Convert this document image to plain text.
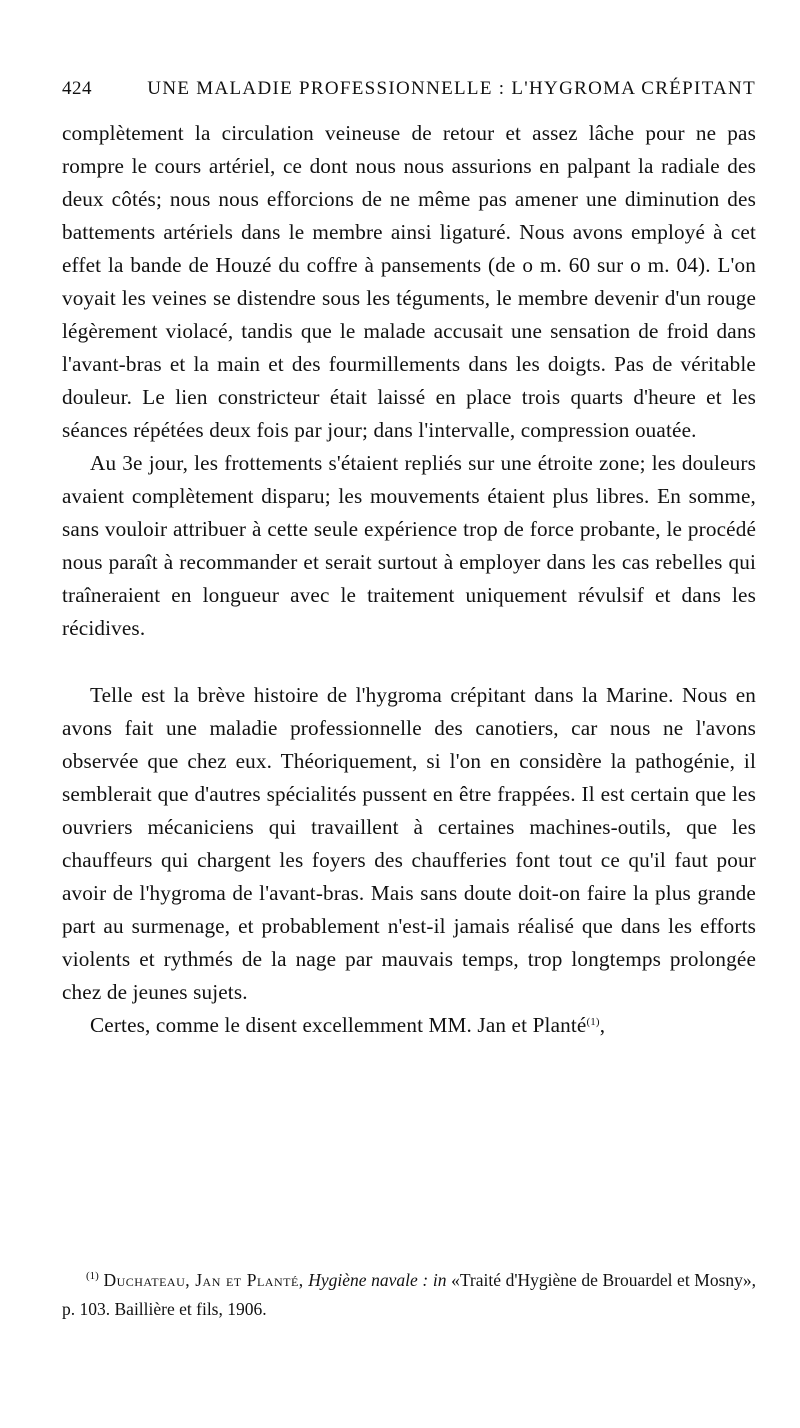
424	UNE MALADIE PROFESSIONNELLE : L'HYGROMA CRÉPITANT

complètement la circulation veineuse de retour et assez lâche pour ne pas rompre le cours artériel, ce dont nous nous assurions en palpant la radiale des deux côtés; nous nous efforcions de ne même pas amener une diminution des battements artériels dans le membre ainsi ligaturé. Nous avons employé à cet effet la bande de Houzé du coffre à pansements (de o m. 60 sur o m. 04). L'on voyait les veines se distendre sous les téguments, le membre devenir d'un rouge légèrement violacé, tandis que le malade accusait une sensation de froid dans l'avant-bras et la main et des fourmillements dans les doigts. Pas de véritable douleur. Le lien constricteur était laissé en place trois quarts d'heure et les séances répétées deux fois par jour; dans l'intervalle, compression ouatée.

Au 3e jour, les frottements s'étaient repliés sur une étroite zone; les douleurs avaient complètement disparu; les mouvements étaient plus libres. En somme, sans vouloir attribuer à cette seule expérience trop de force probante, le procédé nous paraît à recommander et serait surtout à employer dans les cas rebelles qui traîneraient en longueur avec le traitement uniquement révulsif et dans les récidives.

Telle est la brève histoire de l'hygroma crépitant dans la Marine. Nous en avons fait une maladie professionnelle des canotiers, car nous ne l'avons observée que chez eux. Théoriquement, si l'on en considère la pathogénie, il semblerait que d'autres spécialités pussent en être frappées. Il est certain que les ouvriers mécaniciens qui travaillent à certaines machines-outils, que les chauffeurs qui chargent les foyers des chaufferies font tout ce qu'il faut pour avoir de l'hygroma de l'avant-bras. Mais sans doute doit-on faire la plus grande part au surmenage, et probablement n'est-il jamais réalisé que dans les efforts violents et rythmés de la nage par mauvais temps, trop longtemps prolongée chez de jeunes sujets.

Certes, comme le disent excellemment MM. Jan et Planté$^{(1)}$,

$^{(1)}$ Duchateau, Jan et Planté, Hygiène navale : in «Traité d'Hygiène de Brouardel et Mosny», p. 103. Baillière et fils, 1906.
